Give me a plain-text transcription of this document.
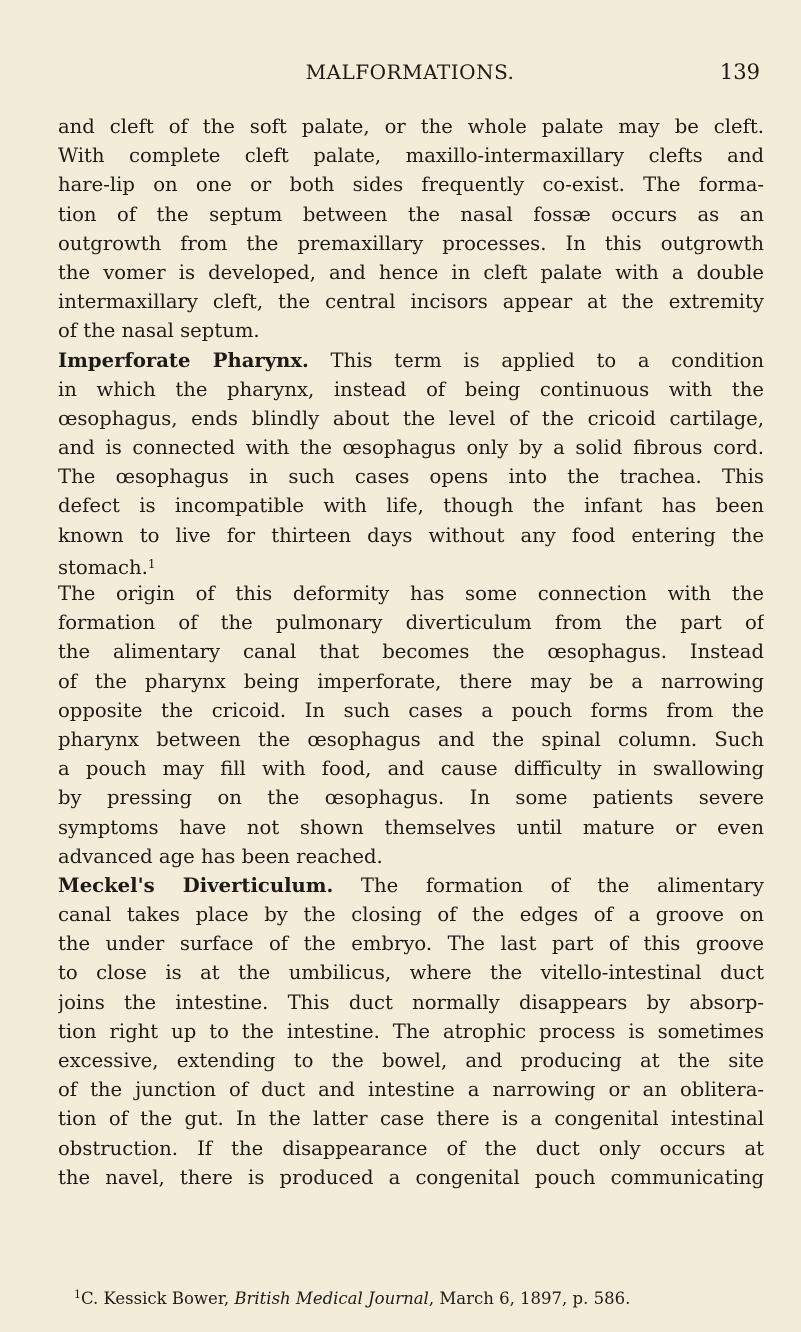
MALFORMATIONS.	139
and cleft of the soft palate, or the whole palate may be cleft.
With complete cleft palate, maxillo-intermaxillary clefts and
hare-lip on one or both sides frequently co-exist. The forma-
tion of the septum between the nasal fossæ occurs as an
outgrowth from the premaxillary processes. In this outgrowth
the vomer is developed, and hence in cleft palate with a double
intermaxillary cleft, the central incisors appear at the extremity
of the nasal septum.
Imperforate Pharynx. This term is applied to a condition
in which the pharynx, instead of being continuous with the
œsophagus, ends blindly about the level of the cricoid cartilage,
and is connected with the œsophagus only by a solid fibrous cord.
The œsophagus in such cases opens into the trachea. This
defect is incompatible with life, though the infant has been
known to live for thirteen days without any food entering the
stomach.$^1$
The origin of this deformity has some connection with the
formation of the pulmonary diverticulum from the part of
the alimentary canal that becomes the œsophagus. Instead
of the pharynx being imperforate, there may be a narrowing
opposite the cricoid. In such cases a pouch forms from the
pharynx between the œsophagus and the spinal column. Such
a pouch may fill with food, and cause difficulty in swallowing
by pressing on the œsophagus. In some patients severe
symptoms have not shown themselves until mature or even
advanced age has been reached.
Meckel's Diverticulum. The formation of the alimentary
canal takes place by the closing of the edges of a groove on
the under surface of the embryo. The last part of this groove
to close is at the umbilicus, where the vitello-intestinal duct
joins the intestine. This duct normally disappears by absorp-
tion right up to the intestine. The atrophic process is sometimes
excessive, extending to the bowel, and producing at the site
of the junction of duct and intestine a narrowing or an oblitera-
tion of the gut. In the latter case there is a congenital intestinal
obstruction. If the disappearance of the duct only occurs at
the navel, there is produced a congenital pouch communicating
$^1$C. Kessick Bower, British Medical Journal, March 6, 1897, p. 586.
